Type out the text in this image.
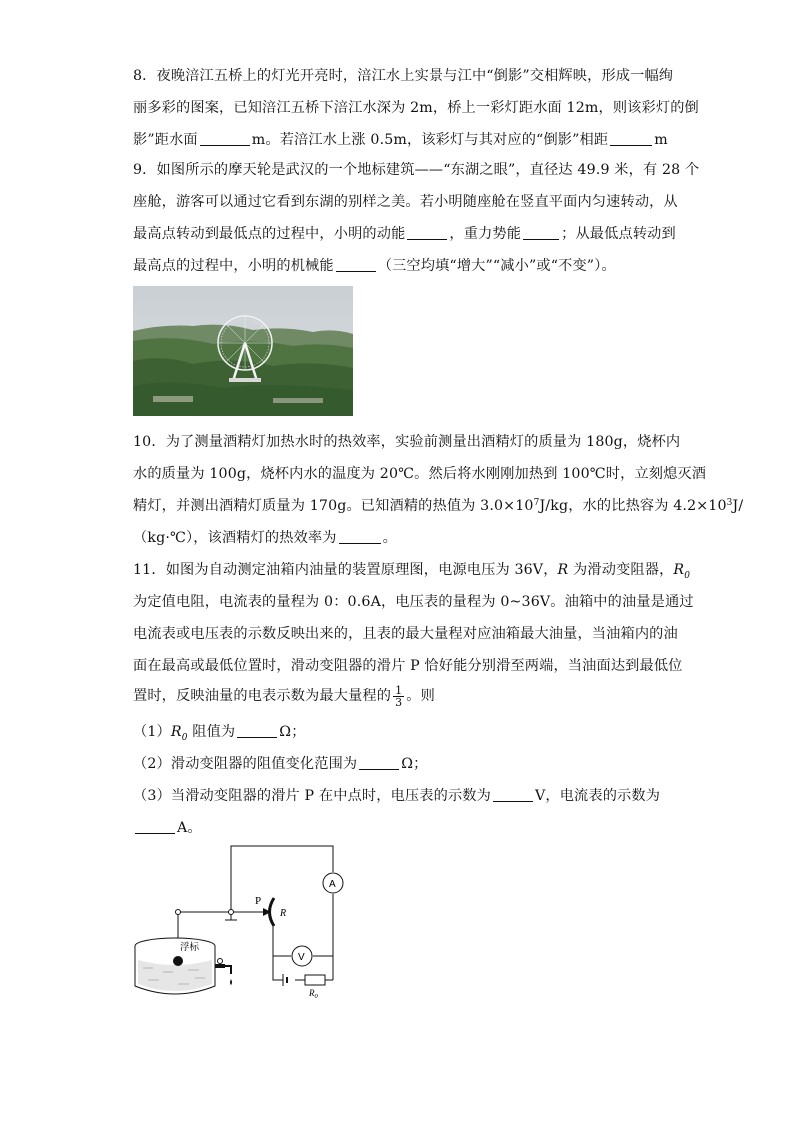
8．夜晚涪江五桥上的灯光开亮时，涪江水上实景与江中“倒影”交相辉映，形成一幅绚
丽多彩的图案，已知涪江五桥下涪江水深为 2m，桥上一彩灯距水面 12m，则该彩灯的倒
影”距水面	m。若涪江水上涨 0.5m，该彩灯与其对应的“倒影”相距	m
9．如图所示的摩天轮是武汉的一个地标建筑——“东湖之眼”，直径达 49.9 米，有 28 个
座舱，游客可以通过它看到东湖的别样之美。若小明随座舱在竖直平面内匀速转动，从
最高点转动到最低点的过程中，小明的动能	，重力势能	；从最低点转动到
最高点的过程中，小明的机械能	（三空均填“增大”“减小”或“不变”）。
10．为了测量酒精灯加热水时的热效率，实验前测量出酒精灯的质量为 180g，烧杯内
水的质量为 100g，烧杯内水的温度为 20℃。然后将水刚刚加热到 100℃时，立刻熄灭酒
精灯，并测出酒精灯质量为 170g。已知酒精的热值为 $3.0\times 10^7J/kg$，水的比热容为 $4.2\times 10^3J/$
（kg·℃），该酒精灯的热效率为	。
11．如图为自动测定油箱内油量的装置原理图，电源电压为 36V，R 为滑动变阻器，$R_0$
为定值电阻，电流表的量程为 0：0.6A，电压表的量程为 0~36V。油箱中的油量是通过
电流表或电压表的示数反映出来的，且表的最大量程对应油箱最大油量，当油箱内的油
面在最高或最低位置时，滑动变阻器的滑片 P 恰好能分别滑至两端，当油面达到最低位
置时，反映油量的电表示数为最大量程的 $\frac{1}{3}$ 。则
$(1)R_0$ 阻值为	Ω；
（2）滑动变阻器的阻值变化范围为	Ω；
（3）当滑动变阻器的滑片 P 在中点时，电压表的示数为	V，电流表的示数为
A。
P
R
A
V
浮标
$R_0$
